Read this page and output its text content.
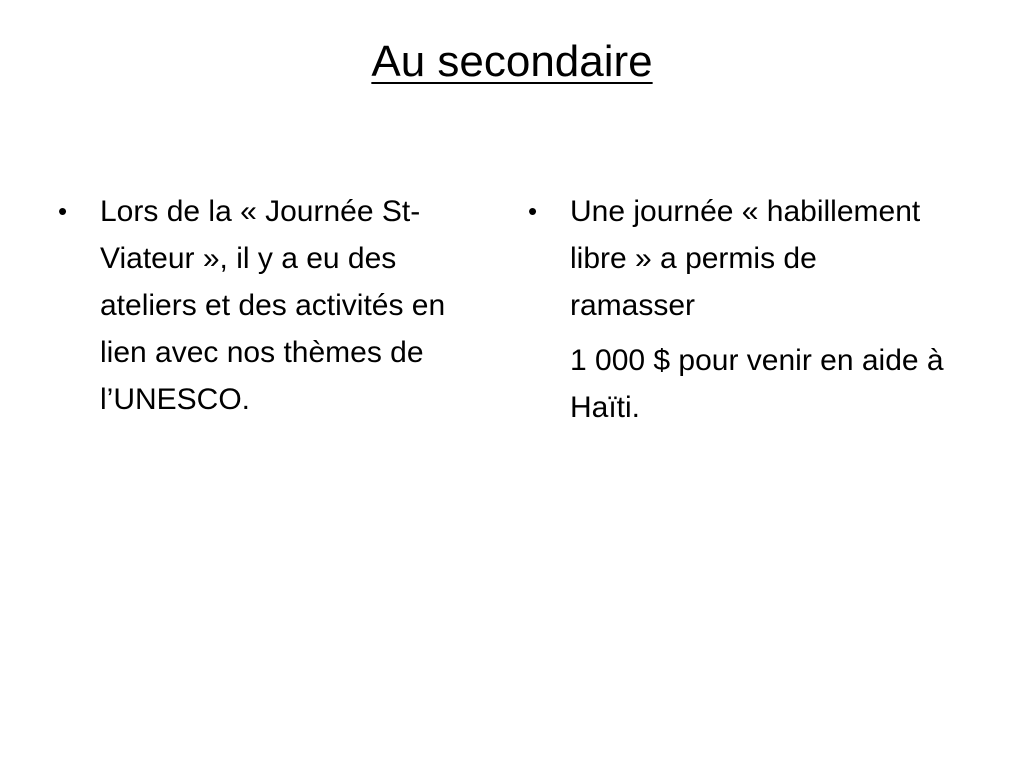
Au secondaire
•	Lors de la « Journée St-Viateur », il y a eu des ateliers et des activités en lien avec nos thèmes de l’UNESCO.
•	Une journée « habillement libre » a permis de ramasser
1 000 $ pour venir en aide à Haïti.
